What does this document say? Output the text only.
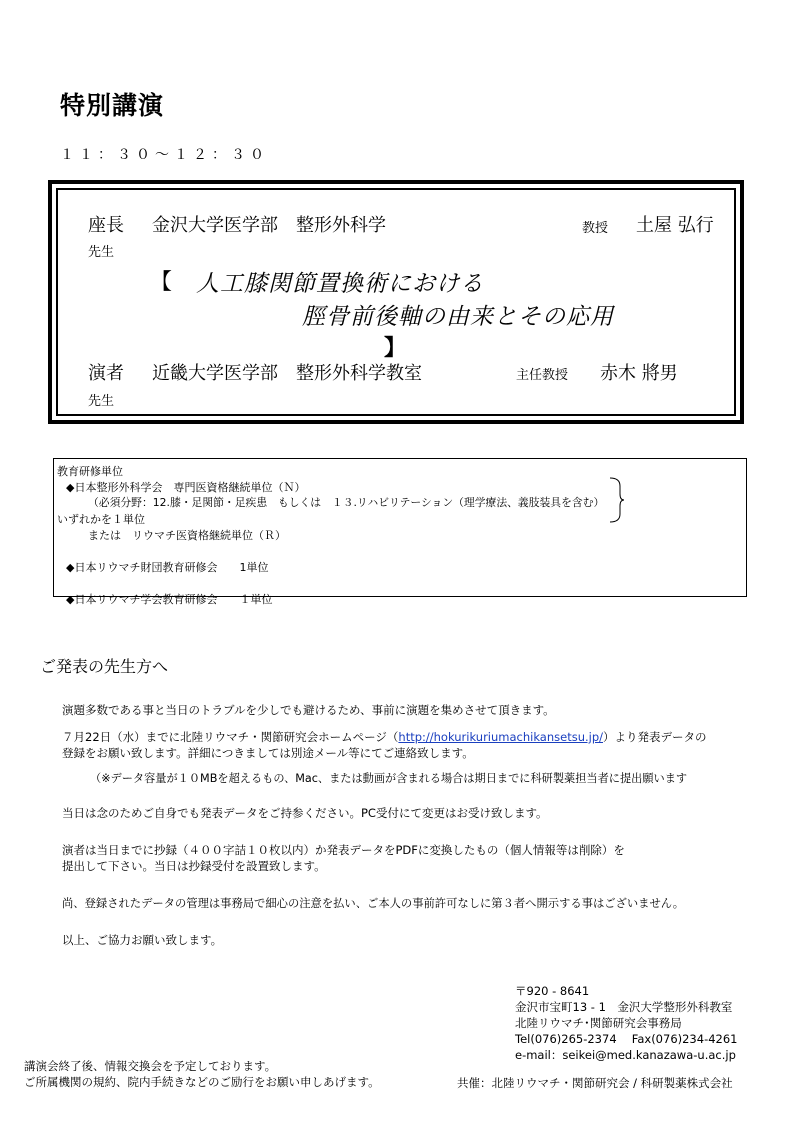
特別講演
１１：３０～１２：３０
座長 金沢大学医学部　整形外科学	教授 土屋 弘行
先生
【 人工膝関節置換術における
脛骨前後軸の由来とその応用
】
演者 近畿大学医学部　整形外科学教室	主任教授 赤木 將男
先生
教育研修単位
◆日本整形外科学会　専門医資格継続単位（Ｎ）
（必須分野：12.膝・足関節・足疾患　もしくは　１３.リハビリテーション（理学療法、義肢装具を含む）
いずれかを１単位
または　リウマチ医資格継続単位（Ｒ）
◆日本リウマチ財団教育研修会　　1単位
◆日本リウマチ学会教育研修会　　１単位
ご発表の先生方へ
演題多数である事と当日のトラブルを少しでも避けるため、事前に演題を集めさせて頂きます。
７月22日（水）までに北陸リウマチ・関節研究会ホームページ（http://hokurikuriumachikansetsu.jp/）より発表データの
登録をお願い致します。詳細につきましては別途メール等にてご連絡致します。
（※データ容量が１０MBを超えるもの、Mac、または動画が含まれる場合は期日までに科研製薬担当者に提出願います
当日は念のためご自身でも発表データをご持参ください。PC受付にて変更はお受け致します。
演者は当日までに抄録（４００字詰１０枚以内）か発表データをPDFに変換したもの（個人情報等は削除）を
提出して下さい。当日は抄録受付を設置致します。
尚、登録されたデータの管理は事務局で細心の注意を払い、ご本人の事前許可なしに第３者へ開示する事はございません。
以上、ご協力お願い致します。
〒920 - 8641
金沢市宝町13 - 1　金沢大学整形外科教室
北陸リウマチ･関節研究会事務局
Tel(076)265-2374　 Fax(076)234-4261
e-mail：seikei@med.kanazawa-u.ac.jp
講演会終了後、情報交換会を予定しております。
ご所属機関の規約、院内手続きなどのご励行をお願い申しあげます。	共催：北陸リウマチ・関節研究会 / 科研製薬株式会社
